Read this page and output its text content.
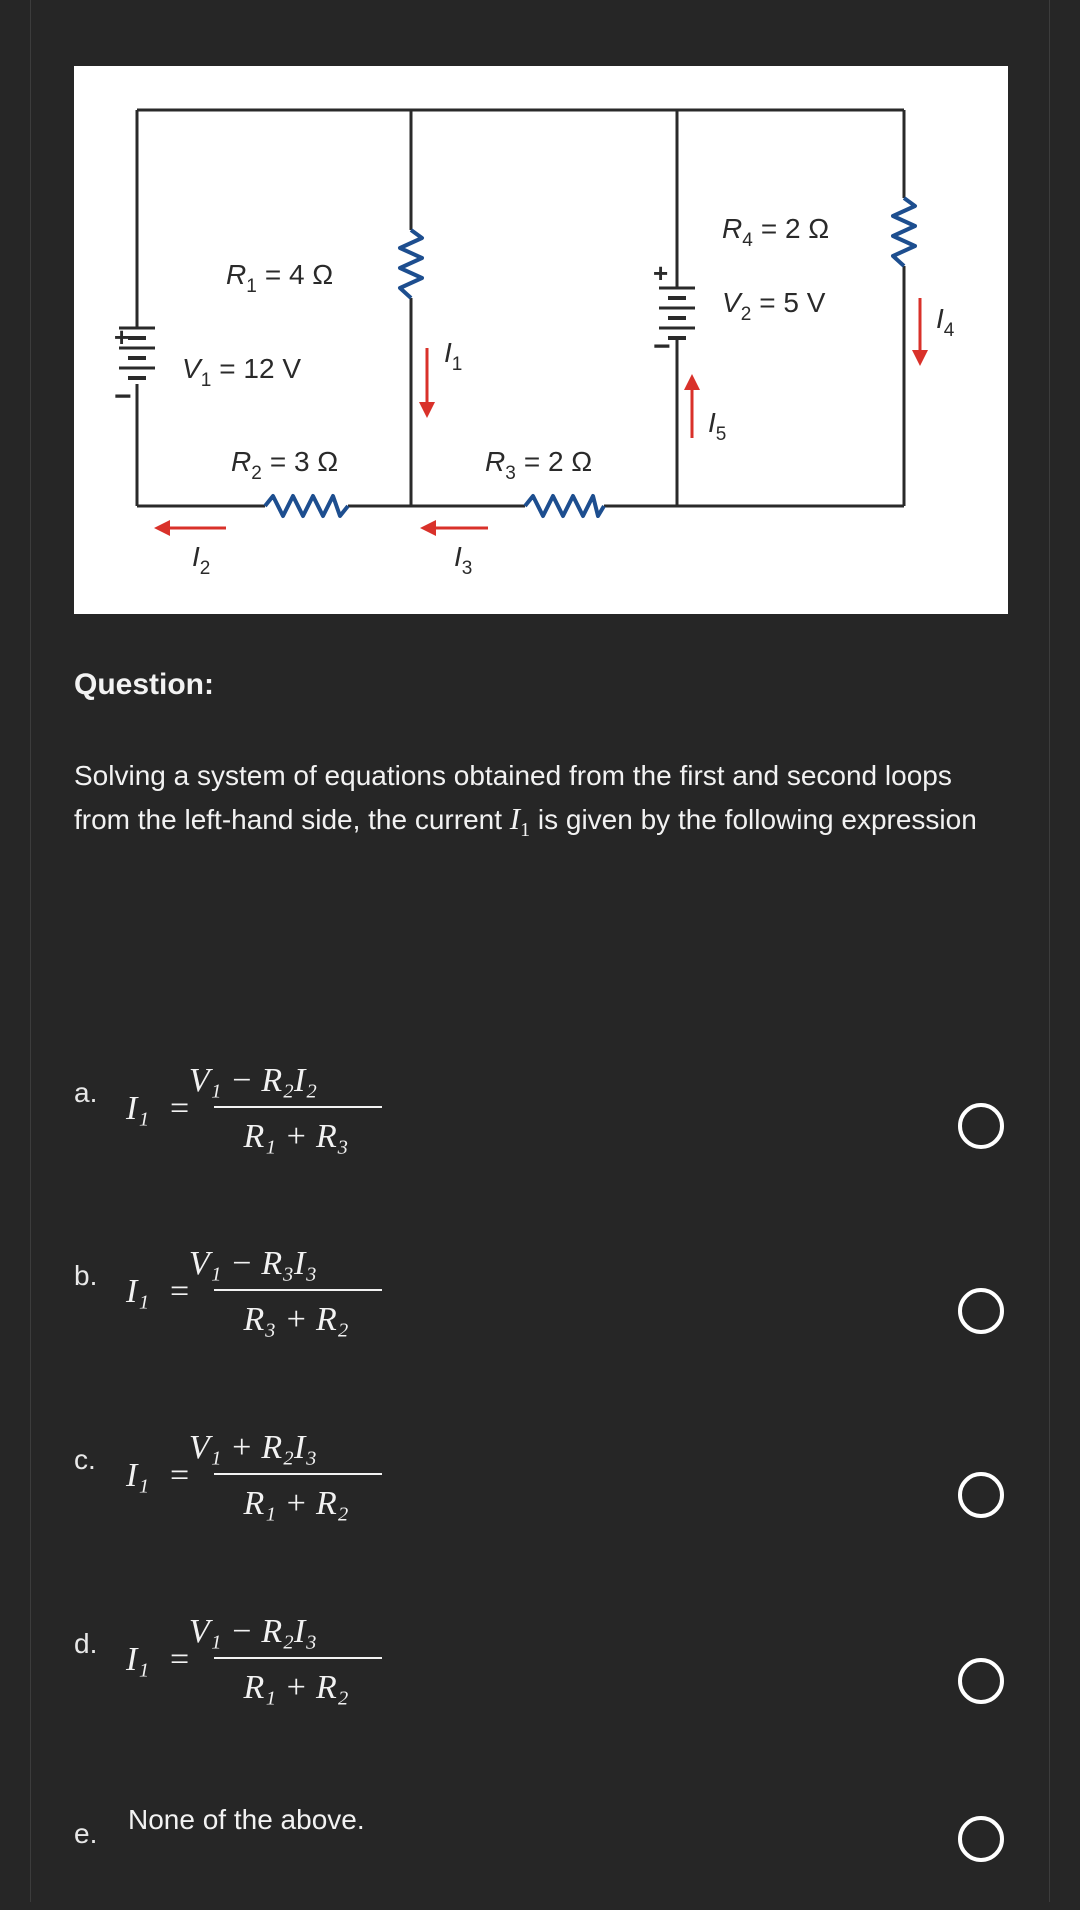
+
−
+
−
$R_1 = 4$ Ω
$V_1 = 12$ V
$R_2 = 3$ Ω	$R_3 = 2$ Ω
$R_4 = 2$ Ω
$V_2 = 5$ V
$I_1$
$I_2$	$I_3$
$I_4$
$I_5$
Question:
Solving a system of equations obtained from the first and second loops from the left-hand side, the current $I_1$ is given by the following expression
a. I₁ =
V₁ − R₂I₂
R₁ + R₃
b. I₁ =
V₁ − R₃I₃
R₃ + R₂
c. I₁ =
V₁ + R₂I₃
R₁ + R₂
d. I₁ =
V₁ − R₂I₃
R₁ + R₂
e. None of the above.
